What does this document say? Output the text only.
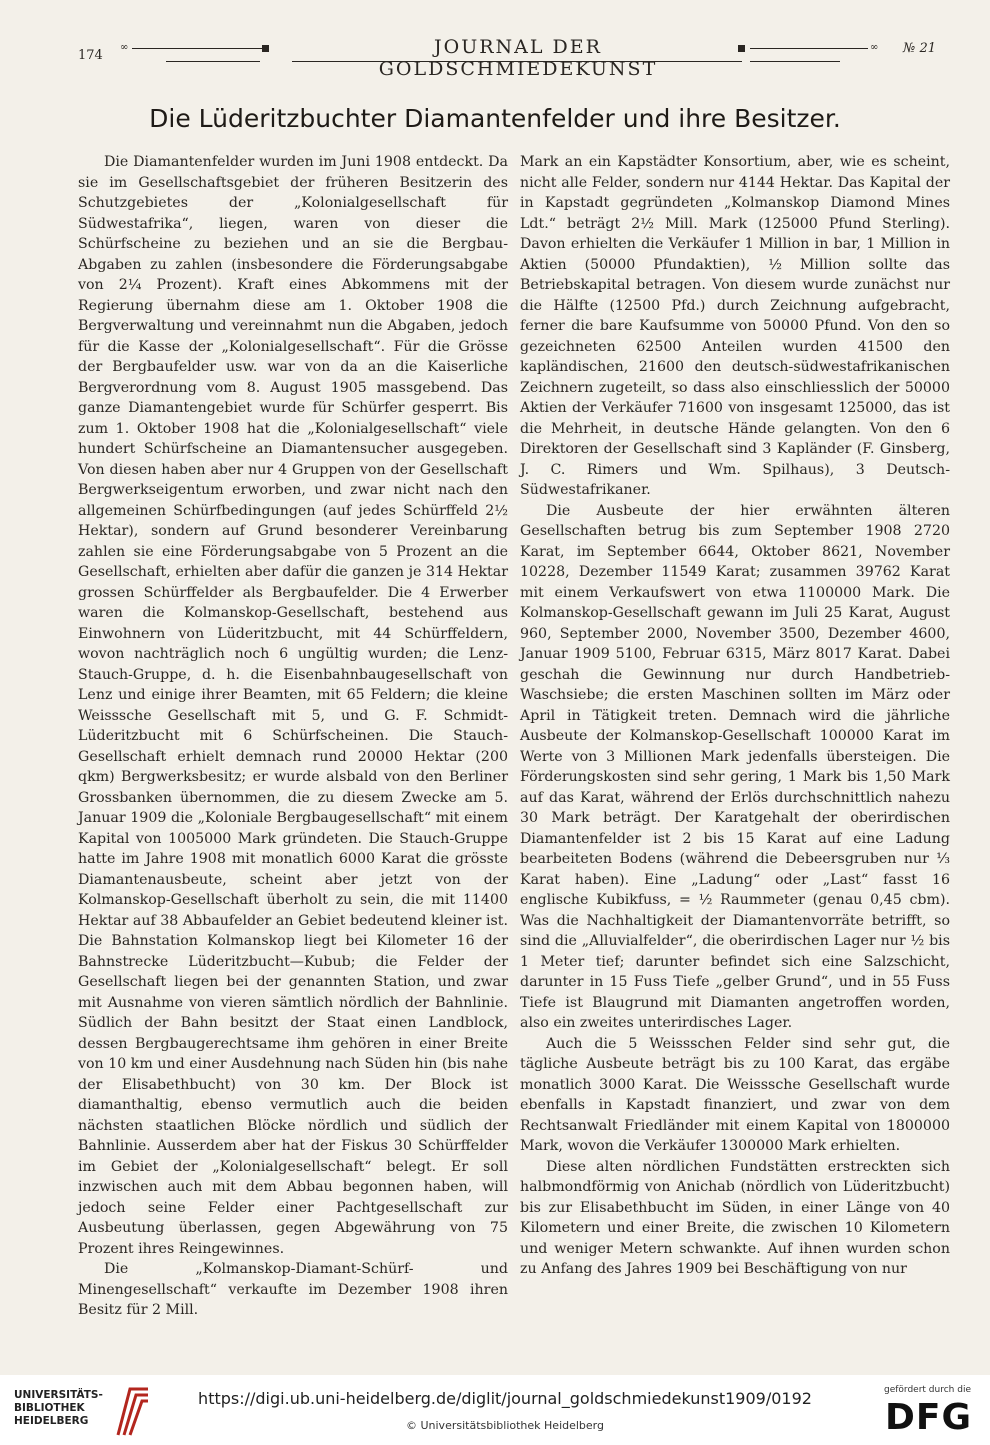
174
∞	JOURNAL DER GOLDSCHMIEDEKUNST
∞ № 21
Die Lüderitzbuchter Diamantenfelder und ihre Besitzer.

Die Diamantenfelder wurden im Juni 1908 entdeckt. Da sie im Gesellschaftsgebiet der früheren Besitzerin des Schutzgebietes der „Kolonialgesellschaft für Südwestafrika“, liegen, waren von dieser die Schürfscheine zu beziehen und an sie die Bergbau-Abgaben zu zahlen (insbesondere die Förderungsabgabe von 2¼ Prozent). Kraft eines Abkommens mit der Regierung übernahm diese am 1. Oktober 1908 die Bergverwaltung und vereinnahmt nun die Abgaben, jedoch für die Kasse der „Kolonialgesellschaft“. Für die Grösse der Bergbaufelder usw. war von da an die Kaiserliche Bergverordnung vom 8. August 1905 massgebend. Das ganze Diamantengebiet wurde für Schürfer gesperrt. Bis zum 1. Oktober 1908 hat die „Kolonialgesellschaft“ viele hundert Schürfscheine an Diamantensucher ausgegeben. Von diesen haben aber nur 4 Gruppen von der Gesellschaft Bergwerkseigentum erworben, und zwar nicht nach den allgemeinen Schürfbedingungen (auf jedes Schürffeld 2½ Hektar), sondern auf Grund besonderer Vereinbarung zahlen sie eine Förderungsabgabe von 5 Prozent an die Gesellschaft, erhielten aber dafür die ganzen je 314 Hektar grossen Schürffelder als Bergbaufelder. Die 4 Erwerber waren die Kolmanskop-Gesellschaft, bestehend aus Einwohnern von Lüderitzbucht, mit 44 Schürffeldern, wovon nachträglich noch 6 ungültig wurden; die Lenz-Stauch-Gruppe, d. h. die Eisenbahnbaugesellschaft von Lenz und einige ihrer Beamten, mit 65 Feldern; die kleine Weisssche Gesellschaft mit 5, und G. F. Schmidt-Lüderitzbucht mit 6 Schürfscheinen. Die Stauch-Gesellschaft erhielt demnach rund 20000 Hektar (200 qkm) Bergwerksbesitz; er wurde alsbald von den Berliner Grossbanken übernommen, die zu diesem Zwecke am 5. Januar 1909 die „Koloniale Bergbaugesellschaft“ mit einem Kapital von 1005000 Mark gründeten. Die Stauch-Gruppe hatte im Jahre 1908 mit monatlich 6000 Karat die grösste Diamantenausbeute, scheint aber jetzt von der Kolmanskop-Gesellschaft überholt zu sein, die mit 11400 Hektar auf 38 Abbaufelder an Gebiet bedeutend kleiner ist. Die Bahnstation Kolmanskop liegt bei Kilometer 16 der Bahnstrecke Lüderitzbucht—Kubub; die Felder der Gesellschaft liegen bei der genannten Station, und zwar mit Ausnahme von vieren sämtlich nördlich der Bahnlinie. Südlich der Bahn besitzt der Staat einen Landblock, dessen Bergbaugerechtsame ihm gehören in einer Breite von 10 km und einer Ausdehnung nach Süden hin (bis nahe der Elisabethbucht) von 30 km. Der Block ist diamanthaltig, ebenso vermutlich auch die beiden nächsten staatlichen Blöcke nördlich und südlich der Bahnlinie. Ausserdem aber hat der Fiskus 30 Schürffelder im Gebiet der „Kolonialgesellschaft“ belegt. Er soll inzwischen auch mit dem Abbau begonnen haben, will jedoch seine Felder einer Pachtgesellschaft zur Ausbeutung überlassen, gegen Abgewährung von 75 Prozent ihres Reingewinnes.

Die „Kolmanskop-Diamant-Schürf- und Minengesellschaft“ verkaufte im Dezember 1908 ihren Besitz für 2 Mill.

Mark an ein Kapstädter Konsortium, aber, wie es scheint, nicht alle Felder, sondern nur 4144 Hektar. Das Kapital der in Kapstadt gegründeten „Kolmanskop Diamond Mines Ldt.“ beträgt 2½ Mill. Mark (125000 Pfund Sterling). Davon erhielten die Verkäufer 1 Million in bar, 1 Million in Aktien (50000 Pfundaktien), ½ Million sollte das Betriebskapital betragen. Von diesem wurde zunächst nur die Hälfte (12500 Pfd.) durch Zeichnung aufgebracht, ferner die bare Kaufsumme von 50000 Pfund. Von den so gezeichneten 62500 Anteilen wurden 41500 den kapländischen, 21600 den deutsch-südwestafrikanischen Zeichnern zugeteilt, so dass also einschliesslich der 50000 Aktien der Verkäufer 71600 von insgesamt 125000, das ist die Mehrheit, in deutsche Hände gelangten. Von den 6 Direktoren der Gesellschaft sind 3 Kapländer (F. Ginsberg, J. C. Rimers und Wm. Spilhaus), 3 Deutsch-Südwestafrikaner.

Die Ausbeute der hier erwähnten älteren Gesellschaften betrug bis zum September 1908 2720 Karat, im September 6644, Oktober 8621, November 10228, Dezember 11549 Karat; zusammen 39762 Karat mit einem Verkaufswert von etwa 1100000 Mark. Die Kolmanskop-Gesellschaft gewann im Juli 25 Karat, August 960, September 2000, November 3500, Dezember 4600, Januar 1909 5100, Februar 6315, März 8017 Karat. Dabei geschah die Gewinnung nur durch Handbetrieb-Waschsiebe; die ersten Maschinen sollten im März oder April in Tätigkeit treten. Demnach wird die jährliche Ausbeute der Kolmanskop-Gesellschaft 100000 Karat im Werte von 3 Millionen Mark jedenfalls übersteigen. Die Förderungskosten sind sehr gering, 1 Mark bis 1,50 Mark auf das Karat, während der Erlös durchschnittlich nahezu 30 Mark beträgt. Der Karatgehalt der oberirdischen Diamantenfelder ist 2 bis 15 Karat auf eine Ladung bearbeiteten Bodens (während die Debeersgruben nur ⅓ Karat haben). Eine „Ladung“ oder „Last“ fasst 16 englische Kubikfuss, = ½ Raummeter (genau 0,45 cbm). Was die Nachhaltigkeit der Diamantenvorräte betrifft, so sind die „Alluvialfelder“, die oberirdischen Lager nur ½ bis 1 Meter tief; darunter befindet sich eine Salzschicht, darunter in 15 Fuss Tiefe „gelber Grund“, und in 55 Fuss Tiefe ist Blaugrund mit Diamanten angetroffen worden, also ein zweites unterirdisches Lager.

Auch die 5 Weissschen Felder sind sehr gut, die tägliche Ausbeute beträgt bis zu 100 Karat, das ergäbe monatlich 3000 Karat. Die Weisssche Gesellschaft wurde ebenfalls in Kapstadt finanziert, und zwar von dem Rechtsanwalt Friedländer mit einem Kapital von 1800000 Mark, wovon die Verkäufer 1300000 Mark erhielten.

Diese alten nördlichen Fundstätten erstreckten sich halbmondförmig von Anichab (nördlich von Lüderitzbucht) bis zur Elisabethbucht im Süden, in einer Länge von 40 Kilometern und einer Breite, die zwischen 10 Kilometern und weniger Metern schwankte. Auf ihnen wurden schon zu Anfang des Jahres 1909 bei Beschäftigung von nur

UNIVERSITÄTS-
BIBLIOTHEK
HEIDELBERG
https://digi.ub.uni-heidelberg.de/diglit/journal_goldschmiedekunst1909/0192
© Universitätsbibliothek Heidelberg
gefördert durch die
DFG
